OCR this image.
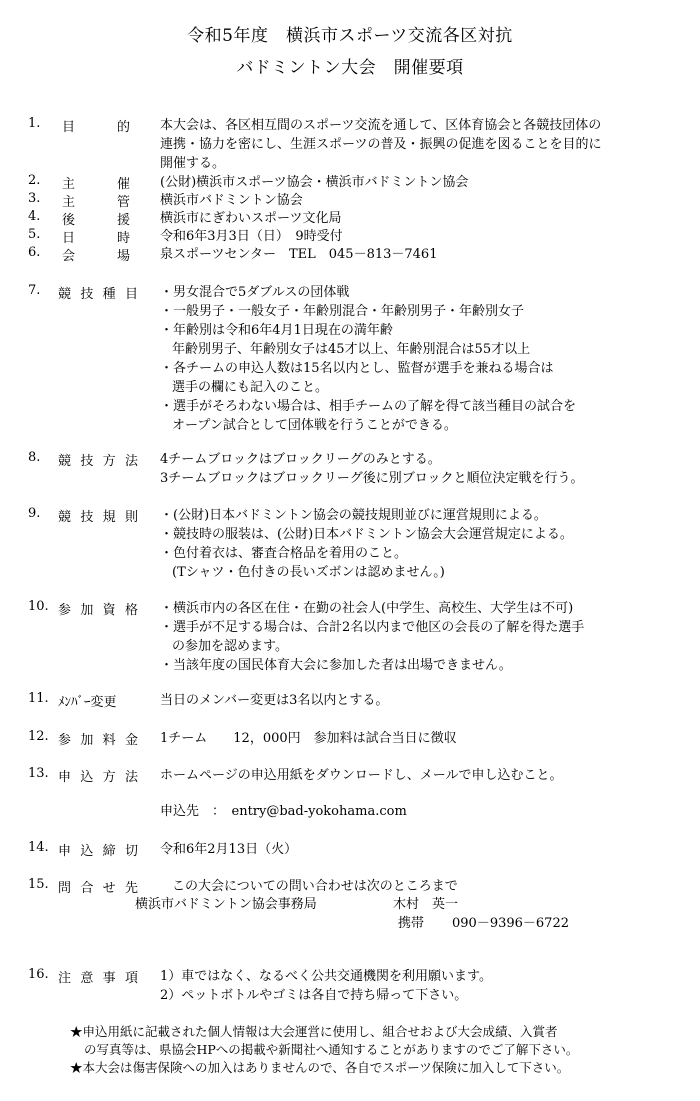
令和5年度　横浜市スポーツ交流各区対抗
バドミントン大会　開催要項
1. 目	的 本大会は、各区相互間のスポーツ交流を通して、区体育協会と各競技団体の
連携・協力を密にし、生涯スポーツの普及・振興の促進を図ることを目的に
開催する。
2. 主	催 (公財)横浜市スポーツ協会・横浜市バドミントン協会
3. 主	管 横浜市バドミントン協会
4. 後	援 横浜市にぎわいスポーツ文化局
5. 日	時 令和6年3月3日（日）　9時受付
6. 会	場 泉スポーツセンター　TEL　045－813－7461
7. 競 技 種 目 ・男女混合で5ダブルスの団体戦
・一般男子・一般女子・年齢別混合・年齢別男子・年齢別女子
・年齢別は令和6年4月1日現在の満年齢
年齢別男子、年齢別女子は45才以上、年齢別混合は55才以上
・各チームの申込人数は15名以内とし、監督が選手を兼ねる場合は
選手の欄にも記入のこと。
・選手がそろわない場合は、相手チームの了解を得て該当種目の試合を
オープン試合として団体戦を行うことができる。
8. 競 技 方 法 4チームブロックはブロックリーグのみとする。
3チームブロックはブロックリーグ後に別ブロックと順位決定戦を行う。
9. 競 技 規 則 ・(公財)日本バドミントン協会の競技規則並びに運営規則による。
・競技時の服装は、(公財)日本バドミントン協会大会運営規定による。
・色付着衣は、審査合格品を着用のこと。
(Tシャツ・色付きの長いズボンは認めません。)
10. 参 加 資 格 ・横浜市内の各区在住・在勤の社会人(中学生、高校生、大学生は不可)
・選手が不足する場合は、合計2名以内まで他区の会長の了解を得た選手
の参加を認めます。
・当該年度の国民体育大会に参加した者は出場できません。
11. ﾒﾝﾊﾞｰ変更	当日のメンバー変更は3名以内とする。
12. 参 加 料 金 1チーム　　12，000円　参加料は試合当日に徴収
13. 申 込 方 法 ホームページの申込用紙をダウンロードし、メールで申し込むこと。
申込先　：　entry@bad-yokohama.com
14. 申 込 締 切 令和6年2月13日（火）
15. 問 合 せ 先	この大会についての問い合わせは次のところまで
横浜市バドミントン協会事務局	木村　英一
携帯 090－9396－6722
16. 注 意 事 項 1）車ではなく、なるべく公共交通機関を利用願います。
2）ペットボトルやゴミは各自で持ち帰って下さい。
★申込用紙に記載された個人情報は大会運営に使用し、組合せおよび大会成績、入賞者
の写真等は、県協会HPへの掲載や新聞社へ通知することがありますのでご了解下さい。
★本大会は傷害保険への加入はありませんので、各自でスポーツ保険に加入して下さい。
